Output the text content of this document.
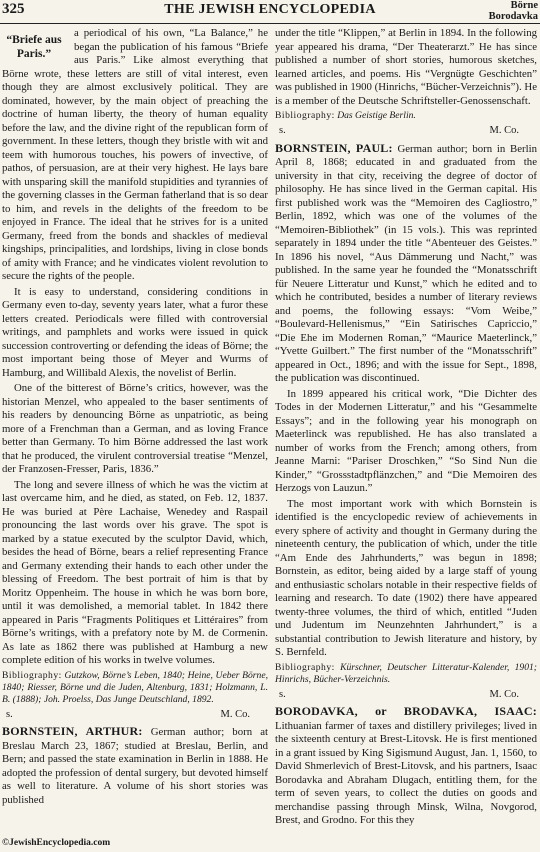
325	THE JEWISH ENCYCLOPEDIA	Börne
Borodavka

“Briefe aus Paris.”
a periodical of his own, “La Balance,” he began the publication of his famous “Briefe aus Paris.” Like almost everything that Börne wrote, these letters are still of vital interest, even though they are almost exclusively political. They are dominated, however, by the main object of preaching the doctrine of human liberty, the theory of human equality before the law, and the divine right of the republican form of government. In these letters, though they bristle with wit and teem with humorous touches, his powers of invective, of pathos, of persuasion, are at their very highest. He lays bare with unsparing skill the manifold stupidities and tyrannies of the governing classes in the German fatherland that is so dear to him, and revels in the delights of the freedom to be enjoyed in France. The ideal that he strives for is a united Germany, freed from the bonds and shackles of medieval kingships, principalities, and lordships, living in close bonds of amity with France; and he vindicates violent revolution to secure the rights of the people.

It is easy to understand, considering conditions in Germany even to-day, seventy years later, what a furor these letters created. Periodicals were filled with controversial writings, and pamphlets and works were issued in quick succession controverting or defending the ideas of Börne; the most important being those of Meyer and Wurms of Hamburg, and Willibald Alexis, the novelist of Berlin.

One of the bitterest of Börne’s critics, however, was the historian Menzel, who appealed to the baser sentiments of his readers by denouncing Börne as unpatriotic, as being more of a Frenchman than a German, and as loving France better than Germany. To him Börne addressed the last work that he produced, the virulent controversial treatise “Menzel, der Franzosen-Fresser, Paris, 1836.”

The long and severe illness of which he was the victim at last overcame him, and he died, as stated, on Feb. 12, 1837. He was buried at Père Lachaise, Wenedey and Raspail pronouncing the last words over his grave. The spot is marked by a statue executed by the sculptor David, which, besides the head of Börne, bears a relief representing France and Germany extending their hands to each other under the blessing of Freedom. The best portrait of him is that by Moritz Oppenheim. The house in which he was born bore, until it was demolished, a memorial tablet. In 1842 there appeared in Paris “Fragments Politiques et Littéraires” from Börne’s writings, with a prefatory note by M. de Cormenin. As late as 1862 there was published at Hamburg a new complete edition of his works in twelve volumes.

Bibliography: Gutzkow, Börne’s Leben, 1840; Heine, Ueber Börne, 1840; Riesser, Börne und die Juden, Altenburg, 1831; Holzmann, L. B. (1888); Joh. Proelss, Das Junge Deutschland, 1892.

s.	M. Co.

BORNSTEIN, ARTHUR: German author; born at Breslau March 23, 1867; studied at Breslau, Berlin, and Bern; and passed the state examination in Berlin in 1888. He adopted the profession of dental surgery, but devoted himself as well to literature. A volume of his short stories was published

under the title “Klippen,” at Berlin in 1894. In the following year appeared his drama, “Der Theaterarzt.” He has since published a number of short stories, humorous sketches, learned articles, and poems. His “Vergnügte Geschichten” was published in 1900 (Hinrichs, “Bücher-Verzeichnis”). He is a member of the Deutsche Schriftsteller-Genossenschaft.

Bibliography: Das Geistige Berlin.

s.	M. Co.

BORNSTEIN, PAUL: German author; born in Berlin April 8, 1868; educated in and graduated from the university in that city, receiving the degree of doctor of philosophy. He has since lived in the German capital. His first published work was the “Memoiren des Cagliostro,” Berlin, 1892, which was one of the volumes of the “Memoiren-Bibliothek” (in 15 vols.). This was reprinted separately in 1894 under the title “Abenteuer des Geistes.” In 1896 his novel, “Aus Dämmerung und Nacht,” was published. In the same year he founded the “Monatsschrift für Neuere Litteratur und Kunst,” which he edited and to which he contributed, besides a number of literary reviews and poems, the following essays: “Vom Weibe,” “Boulevard-Hellenismus,” “Ein Satirisches Capriccio,” “Die Ehe im Modernen Roman,” “Maurice Maeterlinck,” “Yvette Guilbert.” The first number of the “Monatsschrift” appeared in Oct., 1896; and with the issue for Sept., 1898, the publication was discontinued.

In 1899 appeared his critical work, “Die Dichter des Todes in der Modernen Litteratur,” and his “Gesammelte Essays”; and in the following year his monograph on Maeterlinck was republished. He has also translated a number of works from the French; among others, from Jeanne Marni: “Pariser Droschken,” “So Sind Nun die Kinder,” “Grossstadtpflänzchen,” and “Die Memoiren des Herzogs von Lauzun.”

The most important work with which Bornstein is identified is the encyclopedic review of achievements in every sphere of activity and thought in Germany during the nineteenth century, the publication of which, under the title “Am Ende des Jahrhunderts,” was begun in 1898; Bornstein, as editor, being aided by a large staff of young and enthusiastic scholars notable in their respective fields of learning and research. To date (1902) there have appeared twenty-three volumes, the third of which, entitled “Juden und Judentum im Neunzehnten Jahrhundert,” is a substantial contribution to Jewish literature and history, by S. Bernfeld.

Bibliography: Kürschner, Deutscher Litteratur-Kalender, 1901; Hinrichs, Bücher-Verzeichnis.

s.	M. Co.

BORODAVKA, or BRODAVKA, ISAAC: Lithuanian farmer of taxes and distillery privileges; lived in the sixteenth century at Brest-Litovsk. He is first mentioned in a grant issued by King Sigismund August, Jan. 1, 1560, to David Shmerlevich of Brest-Litovsk, and his partners, Isaac Borodavka and Abraham Dlugach, entitling them, for the term of seven years, to collect the duties on goods and merchandise passing through Minsk, Wilna, Novgorod, Brest, and Grodno. For this they

©JewishEncyclopedia.com
